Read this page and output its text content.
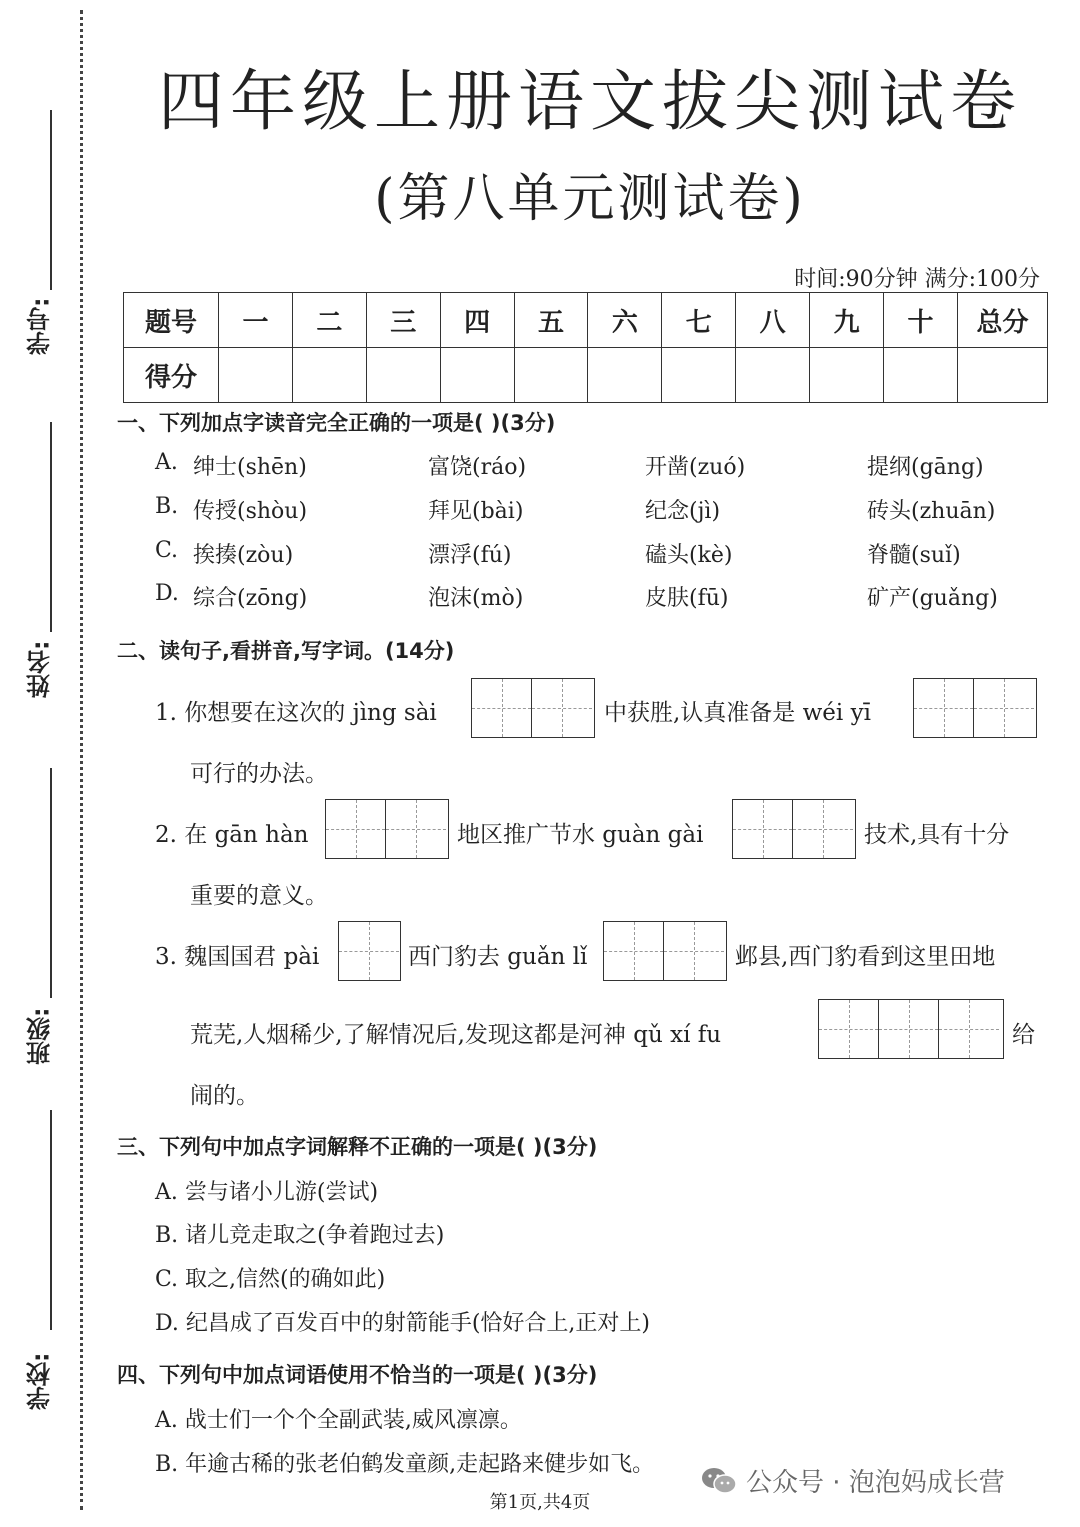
学号:
姓名:
班级:
学校:
四年级上册语文拔尖测试卷
(第八单元测试卷)
时间:90分钟 满分:100分
题号	一	二	三	四	五	六	七	八	九	十	总分
得分											
一、下列加点字读音完全正确的一项是( )(3分)
A. 绅士(shēn)	富饶(ráo)	开凿(zuó)	提纲(gāng)
B. 传授(shòu)	拜见(bài)	纪念(jì)	砖头(zhuān)
C. 挨揍(zòu)	漂浮(fú)	磕头(kè)	脊髓(suǐ)
D. 综合(zōng)	泡沫(mò)	皮肤(fū)	矿产(guǎng)
二、读句子,看拼音,写字词。(14分)
1. 你想要在这次的 jìng sài	中获胜,认真准备是 wéi yī
可行的办法。
2. 在 gān hàn	地区推广节水 guàn gài	技术,具有十分
重要的意义。
3. 魏国国君 pài	西门豹去 guǎn lǐ	邺县,西门豹看到这里田地
荒芜,人烟稀少,了解情况后,发现这都是河神 qǔ xí fu	给
闹的。
三、下列句中加点字词解释不正确的一项是( )(3分)
A. 尝与诸小儿游(尝试)
B. 诸儿竞走取之(争着跑过去)
C. 取之,信然(的确如此)
D. 纪昌成了百发百中的射箭能手(恰好合上,正对上)
四、下列句中加点词语使用不恰当的一项是( )(3分)
A. 战士们一个个全副武装,威风凛凛。
B. 年逾古稀的张老伯鹤发童颜,走起路来健步如飞。
第1页,共4页
公众号 · 泡泡妈成长营
